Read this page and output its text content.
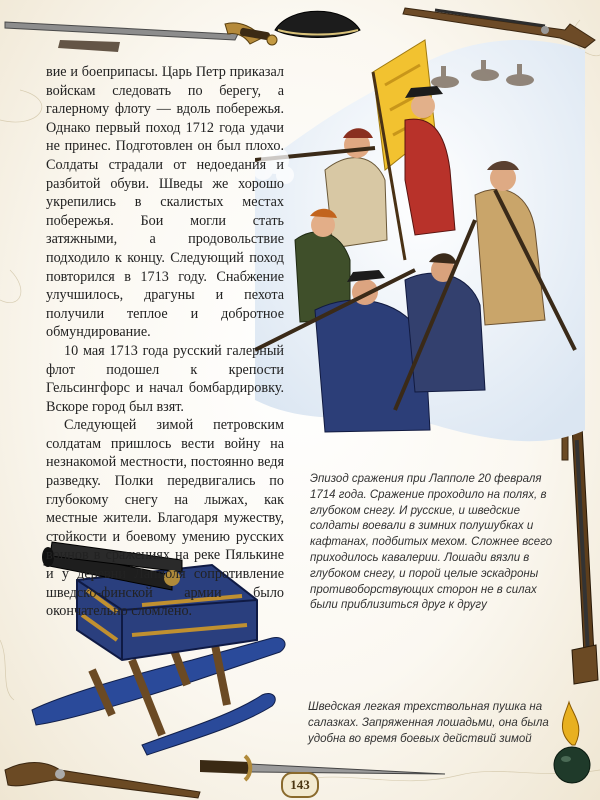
вие и боеприпасы. Царь Петр приказал войскам следовать по берегу, а галерному флоту — вдоль побережья. Однако первый поход 1712 года удачи не принес. Подготовлен он был плохо. Солдаты страдали от недоедания и разбитой обуви. Шведы же хорошо укрепились в скалистых местах побережья. Бои могли стать затяжными, а продовольствие подходило к концу. Следующий поход повторился в 1713 году. Снабжение улучшилось, драгуны и пехота получили теплое и добротное обмундирование.

10 мая 1713 года русский галерный флот подошел к крепости Гельсингфорс и начал бомбардировку. Вскоре город был взят.

Следующей зимой петровским солдатам пришлось вести войну на незнакомой местности, постоянно ведя разведку. Полки передвигались по глубокому снегу на лыжах, как местные жители. Благодаря мужеству, стойкости и боевому умению русских воинов в сражениях на реке Пялькине и у деревни Лапполя сопротивление шведско-финской армии было окончательно сломлено.

Эпизод сражения при Лапполе 20 февраля 1714 года. Сражение проходило на полях, в глубоком снегу. И русские, и шведские солдаты воевали в зимних полушубках и кафтанах, подбитых мехом. Сложнее всего приходилось кавалерии. Лошади вязли в глубоком снегу, и порой целые эскадроны противоборствующих сторон не в силах были приблизиться друг к другу
Шведская легкая трехствольная пушка на салазках. Запряженная лошадьми, она была удобна во время боевых действий зимой
143
